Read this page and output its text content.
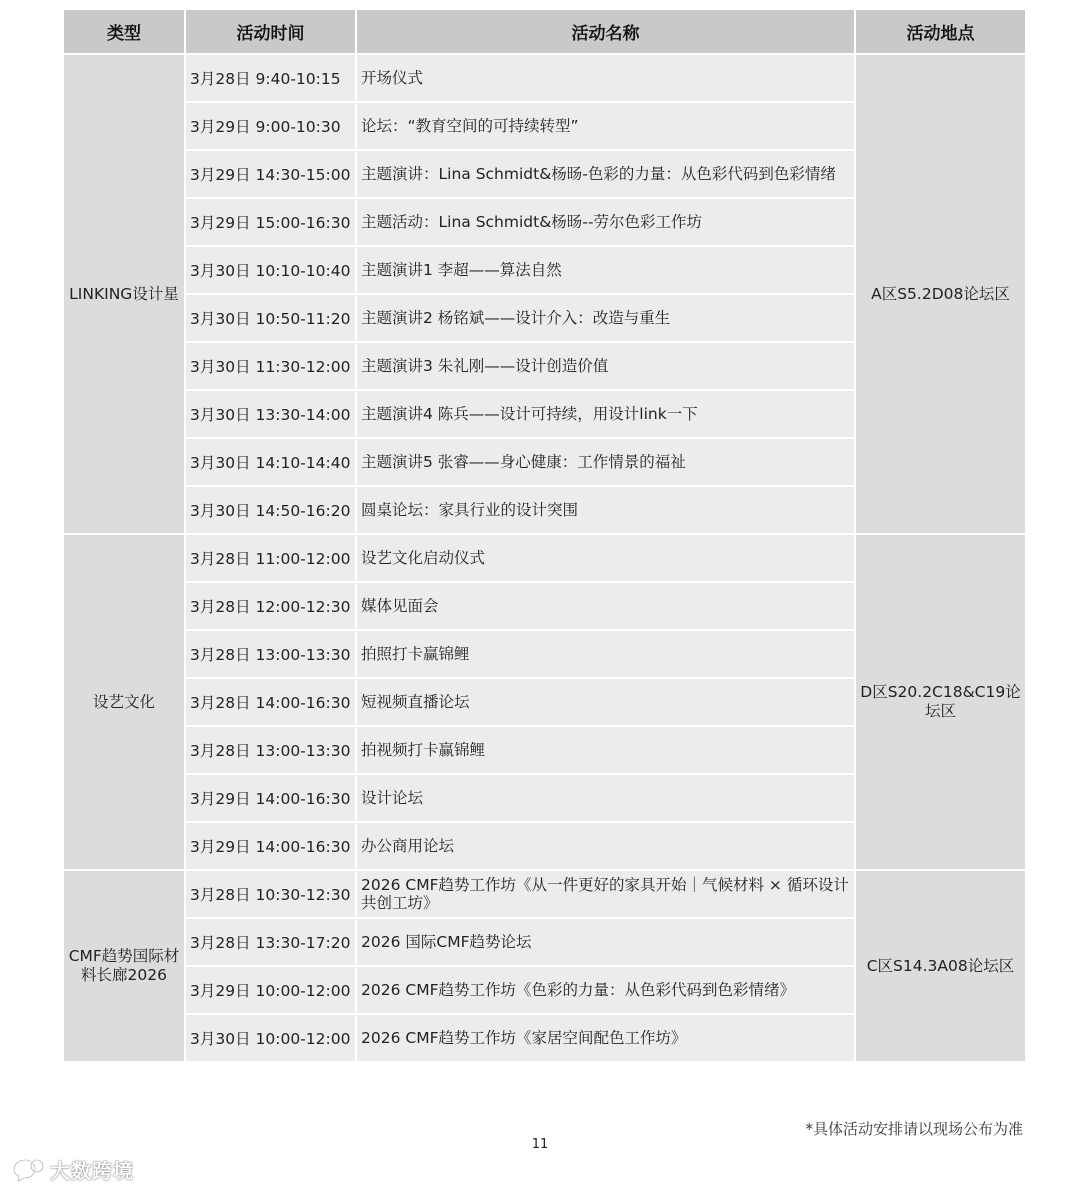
类型	活动时间	活动名称	活动地点
LINKING设计星	3月28日 9:40-10:15	开场仪式	A区S5.2D08论坛区
	3月29日 9:00-10:30	论坛：“教育空间的可持续转型”	
	3月29日 14:30-15:00	主题演讲：Lina Schmidt&杨旸-色彩的力量：从色彩代码到色彩情绪	
	3月29日 15:00-16:30	主题活动：Lina Schmidt&杨旸--劳尔色彩工作坊	
	3月30日 10:10-10:40	主题演讲1 李超——算法自然	
	3月30日 10:50-11:20	主题演讲2 杨铭斌——设计介入：改造与重生	
	3月30日 11:30-12:00	主题演讲3 朱礼刚——设计创造价值	
	3月30日 13:30-14:00	主题演讲4 陈兵——设计可持续，用设计link一下	
	3月30日 14:10-14:40	主题演讲5 张睿——身心健康：工作情景的福祉	
	3月30日 14:50-16:20	圆桌论坛：家具行业的设计突围	
设艺文化	3月28日 11:00-12:00	设艺文化启动仪式	D区S20.2C18&C19论坛区
	3月28日 12:00-12:30	媒体见面会	
	3月28日 13:00-13:30	拍照打卡赢锦鲤	
	3月28日 14:00-16:30	短视频直播论坛	
	3月28日 13:00-13:30	拍视频打卡赢锦鲤	
	3月29日 14:00-16:30	设计论坛	
	3月29日 14:00-16:30	办公商用论坛	
CMF趋势国际材料长廊2026	3月28日 10:30-12:30	2026 CMF趋势工作坊《从一件更好的家具开始｜气候材料 × 循环设计共创工坊》	C区S14.3A08论坛区
	3月28日 13:30-17:20	2026 国际CMF趋势论坛	
	3月29日 10:00-12:00	2026 CMF趋势工作坊《色彩的力量：从色彩代码到色彩情绪》	
	3月30日 10:00-12:00	2026 CMF趋势工作坊《家居空间配色工作坊》	
*具体活动安排请以现场公布为准
11
大数跨境
